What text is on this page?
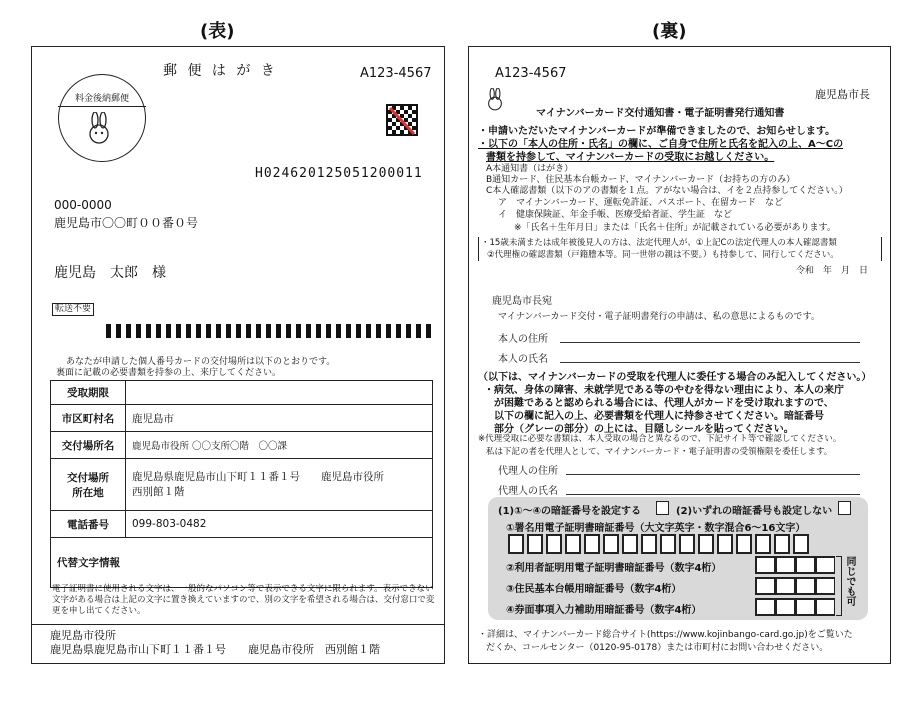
(表)	(裏)
郵 便 は が き	A123-4567
料金後納郵便
H024620125051200011
000-0000
鹿児島市〇〇町００番０号
鹿児島　太郎　様
転送不要
あなたが申請した個人番号カードの交付場所は以下のとおりです。
裏面に記載の必要書類を持参の上、来庁してください。
受取期限	
市区町村名	鹿児島市
交付場所名	鹿児島市役所 〇〇支所〇階　〇〇課
交付場所
所在地	鹿児島県鹿児島市山下町１１番１号　　鹿児島市役所
西別館１階
電話番号	099-803-0482
代替文字情報	
電子証明書に使用される文字は、一般的なパソコン等で表示できる文字に限られます。表示できない文字がある場合は上記の文字に置き換えていますので、別の文字を希望される場合は、交付窓口で変更を申し出てください。
鹿児島市役所
鹿児島県鹿児島市山下町１１番１号　　鹿児島市役所　西別館１階
A123-4567
鹿児島市長
マイナンバーカード交付通知書・電子証明書発行通知書
・申請いただいたマイナンバーカードが準備できましたので、お知らせします。
・以下の「本人の住所・氏名」の欄に、ご自身で住所と氏名を記入の上、A～Cの
書類を持参して、マイナンバーカードの受取にお越しください。
A本通知書（はがき）
B通知カード、住民基本台帳カード、マイナンバーカード（お持ちの方のみ）
C本人確認書類（以下のアの書類を１点。アがない場合は、イを２点持参してください。）
ア　マイナンバーカード、運転免許証、パスポート、在留カード　など
イ　健康保険証、年金手帳、医療受給者証、学生証　など
※「氏名＋生年月日」または「氏名＋住所」が記載されている必要があります。
・15歳未満または成年被後見人の方は、法定代理人が、①上記Cの法定代理人の本人確認書類
②代理権の確認書類（戸籍謄本等。同一世帯の親は不要。）も持参して、同行してください。
令和　年　月　日
鹿児島市長宛
マイナンバーカード交付・電子証明書発行の申請は、私の意思によるものです。
本人の住所
本人の氏名
（以下は、マイナンバーカードの受取を代理人に委任する場合のみ記入してください。）
・病気、身体の障害、未就学児である等のやむを得ない理由により、本人の来庁
が困難であると認められる場合には、代理人がカードを受け取れますので、
以下の欄に記入の上、必要書類を代理人に持参させてください。暗証番号
部分（グレーの部分）の上には、目隠しシールを貼ってください。
※代理受取に必要な書類は、本人受取の場合と異なるので、下記サイト等で確認してください。
私は下記の者を代理人として、マイナンバーカード・電子証明書の受領権限を委任します。
代理人の住所
代理人の氏名
(1)①～④の暗証番号を設定する	(2)いずれの暗証番号も設定しない
①署名用電子証明書暗証番号（大文字英字・数字混合6～16文字）
②利用者証明用電子証明書暗証番号（数字4桁）
③住民基本台帳用暗証番号（数字4桁）
④券面事項入力補助用暗証番号（数字4桁）
同じでも可
・詳細は、マイナンバーカード総合サイト(https://www.kojinbango-card.go.jp)をご覧いた
だくか、コールセンター（0120-95-0178）または市町村にお問い合わせください。
